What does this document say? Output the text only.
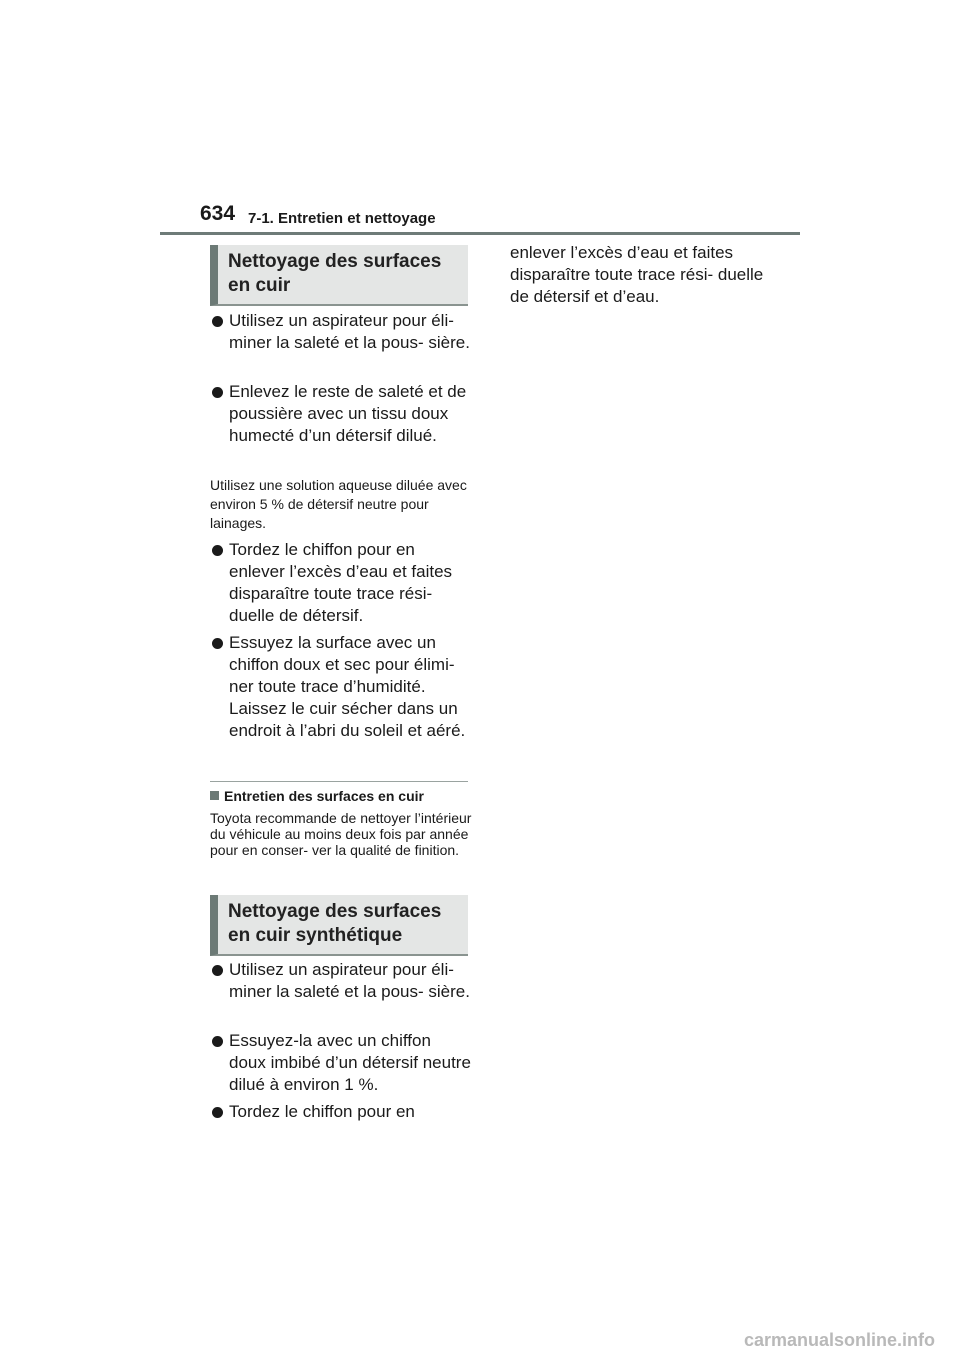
634 7-1. Entretien et nettoyage
Nettoyage des surfaces en cuir
Utilisez un aspirateur pour éli- miner la saleté et la pous- sière.
Enlevez le reste de saleté et de poussière avec un tissu doux humecté d’un détersif dilué.
Utilisez une solution aqueuse diluée avec environ 5 % de détersif neutre pour lainages.
Tordez le chiffon pour en enlever l’excès d’eau et faites disparaître toute trace rési- duelle de détersif.
Essuyez la surface avec un chiffon doux et sec pour élimi- ner toute trace d’humidité. Laissez le cuir sécher dans un endroit à l’abri du soleil et aéré.
Entretien des surfaces en cuir
Toyota recommande de nettoyer l’intérieur du véhicule au moins deux fois par année pour en conser- ver la qualité de finition.
Nettoyage des surfaces en cuir synthétique
Utilisez un aspirateur pour éli- miner la saleté et la pous- sière.
Essuyez-la avec un chiffon doux imbibé d’un détersif neutre dilué à environ 1 %.
Tordez le chiffon pour en
enlever l’excès d’eau et faites disparaître toute trace rési- duelle de détersif et d’eau.
carmanualsonline.info
